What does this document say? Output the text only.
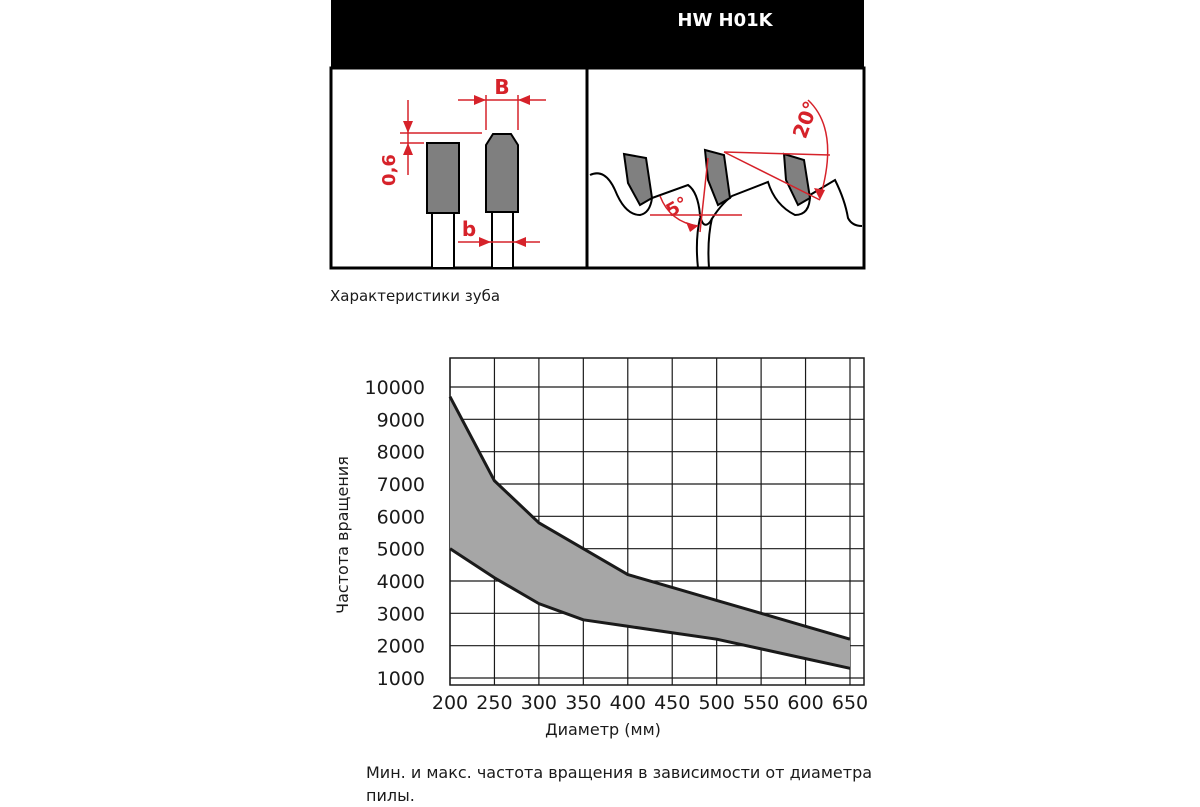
HW H01K
B
b
0,6
20°
5°
Характеристики зуба
1000
2000
3000
4000
5000
6000
7000
8000
9000
10000
200 250 300 350 400 450 500 550 600 650
Диаметр (мм)
Частота вращения
Мин. и макс. частота вращения в зависимости от диаметра пилы.
